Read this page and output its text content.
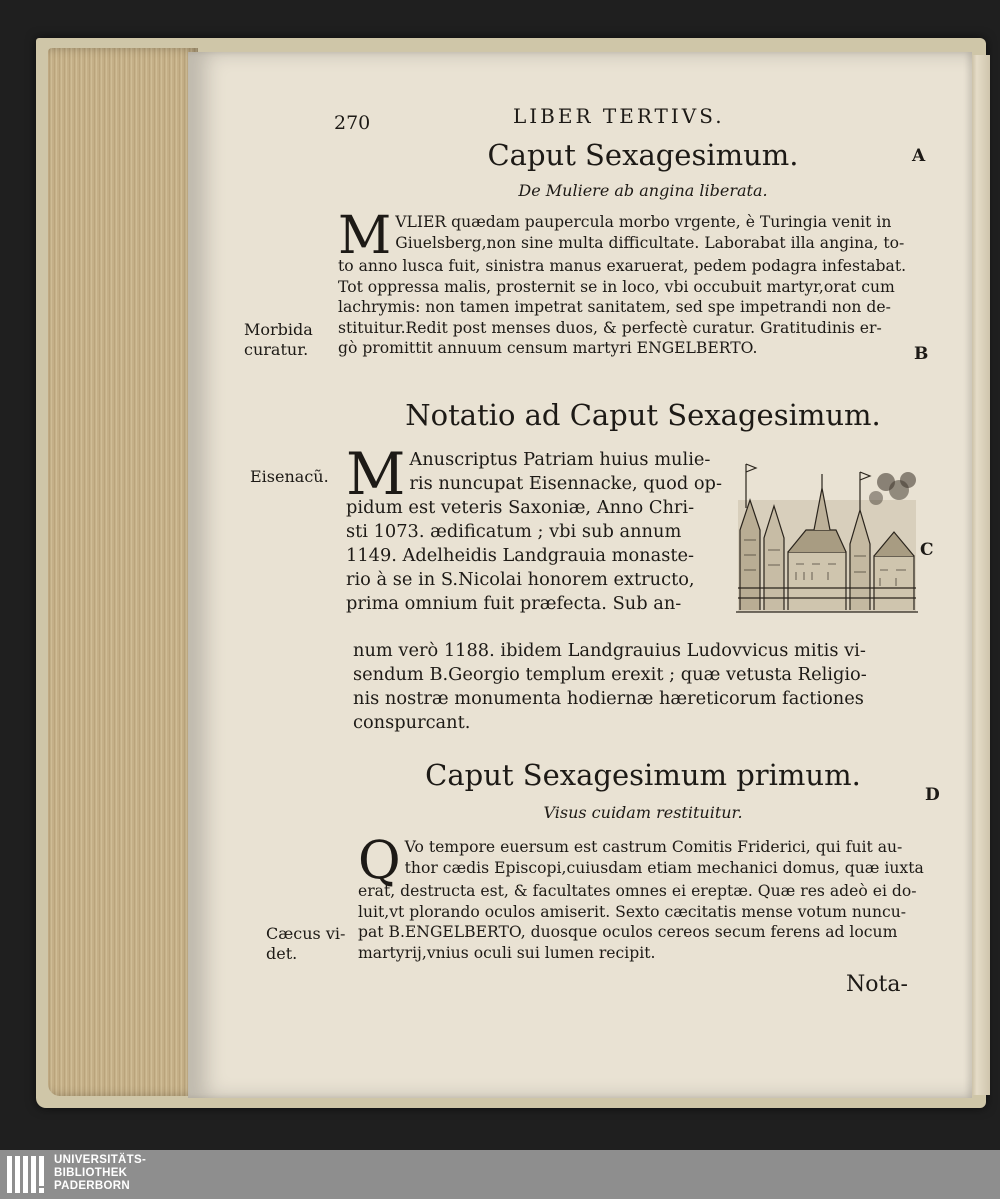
270	LIBER TERTIVS.
A
B
C
D
Caput Sexagesimum.
De Muliere ab angina liberata.
M VLIER quædam paupercula morbo vrgente, è Turingia venit in
Giuelsberg,non sine multa difficultate. Laborabat illa angina, to-
to anno lusca fuit, sinistra manus exaruerat, pedem podagra infestabat.
Tot oppressa malis, prosternit se in loco, vbi occubuit martyr,orat cum
lachrymis: non tamen impetrat sanitatem, sed spe impetrandi non de-
stituitur.Redit post menses duos, & perfectè curatur. Gratitudinis er-
gò promittit annuum censum martyri ENGELBERTO.
Morbida
curatur.
Notatio ad Caput Sexagesimum.
Eisenacũ. M Anuscriptus Patriam huius mulie-
ris nuncupat Eisennacke, quod op-
pidum est veteris Saxoniæ, Anno Chri-
sti 1073. ædificatum ; vbi sub annum
1149. Adelheidis Landgrauia monaste-
rio à se in S.Nicolai honorem extructo,
prima omnium fuit præfecta. Sub an-
num verò 1188. ibidem Landgrauius Ludovvicus mitis vi-
sendum B.Georgio templum erexit ; quæ vetusta Religio-
nis nostræ monumenta hodiernæ hæreticorum factiones
conspurcant.
Caput Sexagesimum primum.
Visus cuidam restituitur.
Q Vo tempore euersum est castrum Comitis Friderici, qui fuit au-
thor cædis Episcopi,cuiusdam etiam mechanici domus, quæ iuxta
erat, destructa est, & facultates omnes ei ereptæ. Quæ res adeò ei do-
luit,vt plorando oculos amiserit. Sexto cæcitatis mense votum nuncu-
pat B.ENGELBERTO, duosque oculos cereos secum ferens ad locum
martyrij,vnius oculi sui lumen recipit.
Cæcus vi-
det.
Nota-
UNIVERSITÄTS-
BIBLIOTHEK
PADERBORN
